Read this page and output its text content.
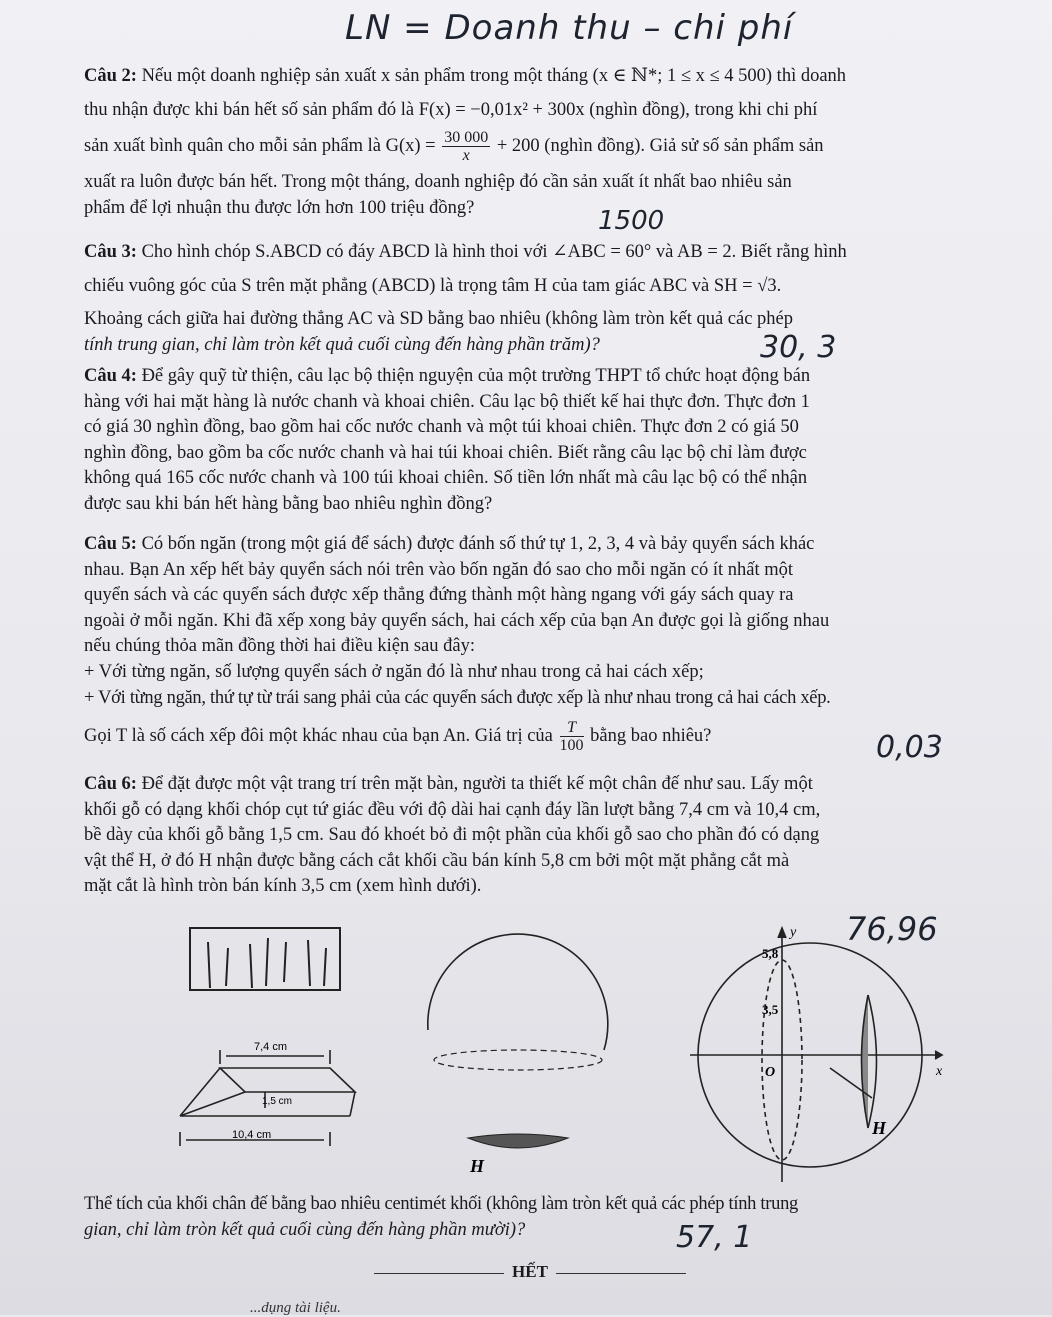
LN = Doanh thu – chi phí
Câu 2: Nếu một doanh nghiệp sản xuất x sản phẩm trong một tháng (x ∈ ℕ*; 1 ≤ x ≤ 4 500) thì doanh
thu nhận được khi bán hết số sản phẩm đó là F(x) = −0,01x² + 300x (nghìn đồng), trong khi chi phí
sản xuất bình quân cho mỗi sản phẩm là $G(x) = \frac{30 000}{x} + 200$ (nghìn đồng). Giả sử số sản phẩm sản
xuất ra luôn được bán hết. Trong một tháng, doanh nghiệp đó cần sản xuất ít nhất bao nhiêu sản
phẩm để lợi nhuận thu được lớn hơn 100 triệu đồng?	1500
Câu 3: Cho hình chóp S.ABCD có đáy ABCD là hình thoi với ∠ABC = 60° và AB = 2. Biết rằng hình
chiếu vuông góc của S trên mặt phẳng (ABCD) là trọng tâm H của tam giác ABC và SH = √3.
Khoảng cách giữa hai đường thẳng AC và SD bằng bao nhiêu (không làm tròn kết quả các phép
tính trung gian, chỉ làm tròn kết quả cuối cùng đến hàng phần trăm)?	30, 3
Câu 4: Để gây quỹ từ thiện, câu lạc bộ thiện nguyện của một trường THPT tổ chức hoạt động bán
hàng với hai mặt hàng là nước chanh và khoai chiên. Câu lạc bộ thiết kế hai thực đơn. Thực đơn 1
có giá 30 nghìn đồng, bao gồm hai cốc nước chanh và một túi khoai chiên. Thực đơn 2 có giá 50
nghìn đồng, bao gồm ba cốc nước chanh và hai túi khoai chiên. Biết rằng câu lạc bộ chỉ làm được
không quá 165 cốc nước chanh và 100 túi khoai chiên. Số tiền lớn nhất mà câu lạc bộ có thể nhận
được sau khi bán hết hàng bằng bao nhiêu nghìn đồng?
Câu 5: Có bốn ngăn (trong một giá để sách) được đánh số thứ tự 1, 2, 3, 4 và bảy quyển sách khác
nhau. Bạn An xếp hết bảy quyển sách nói trên vào bốn ngăn đó sao cho mỗi ngăn có ít nhất một
quyển sách và các quyển sách được xếp thẳng đứng thành một hàng ngang với gáy sách quay ra
ngoài ở mỗi ngăn. Khi đã xếp xong bảy quyển sách, hai cách xếp của bạn An được gọi là giống nhau
nếu chúng thỏa mãn đồng thời hai điều kiện sau đây:
+ Với từng ngăn, số lượng quyển sách ở ngăn đó là như nhau trong cả hai cách xếp;
+ Với từng ngăn, thứ tự từ trái sang phải của các quyển sách được xếp là như nhau trong cả hai cách xếp.
Gọi T là số cách xếp đôi một khác nhau của bạn An. Giá trị của $\frac{T}{100}$ bằng bao nhiêu?	0,03
Câu 6: Để đặt được một vật trang trí trên mặt bàn, người ta thiết kế một chân đế như sau. Lấy một
khối gỗ có dạng khối chóp cụt tứ giác đều với độ dài hai cạnh đáy lần lượt bằng 7,4 cm và 10,4 cm,
bề dày của khối gỗ bằng 1,5 cm. Sau đó khoét bỏ đi một phần của khối gỗ sao cho phần đó có dạng
vật thể H, ở đó H nhận được bằng cách cắt khối cầu bán kính 5,8 cm bởi một mặt phẳng cắt mà
mặt cắt là hình tròn bán kính 3,5 cm (xem hình dưới).
76,96
7,4 cm
1,5 cm
10,4 cm
H
y
x
O
5,8
3,5
H
Thể tích của khối chân đế bằng bao nhiêu centimét khối (không làm tròn kết quả các phép tính trung
gian, chỉ làm tròn kết quả cuối cùng đến hàng phần mười)?	57, 1
HẾT
...dụng tài liệu.
